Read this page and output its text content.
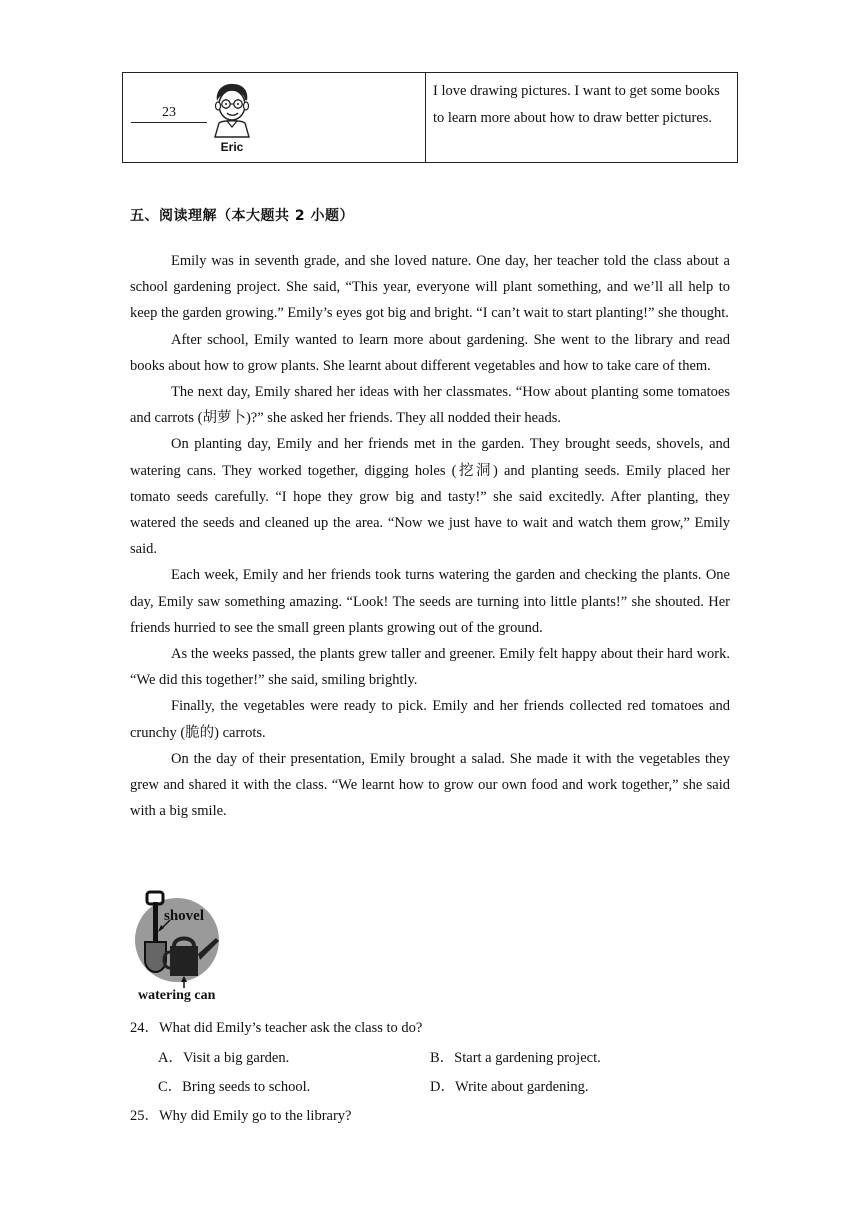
23
Eric
I love drawing pictures. I want to get some books to learn more about how to draw better pictures.
五、阅读理解（本大题共 2 小题）

Emily was in seventh grade, and she loved nature. One day, her teacher told the class about a school gardening project. She said, “This year, everyone will plant something, and we’ll all help to keep the garden growing.” Emily’s eyes got big and bright. “I can’t wait to start planting!” she thought.

After school, Emily wanted to learn more about gardening. She went to the library and read books about how to grow plants. She learnt about different vegetables and how to take care of them.

The next day, Emily shared her ideas with her classmates. “How about planting some tomatoes and carrots (胡萝卜)?” she asked her friends. They all nodded their heads.

On planting day, Emily and her friends met in the garden. They brought seeds, shovels, and watering cans. They worked together, digging holes (挖洞) and planting seeds. Emily placed her tomato seeds carefully. “I hope they grow big and tasty!” she said excitedly. After planting, they watered the seeds and cleaned up the area. “Now we just have to wait and watch them grow,” Emily said.

Each week, Emily and her friends took turns watering the garden and checking the plants. One day, Emily saw something amazing. “Look! The seeds are turning into little plants!” she shouted. Her friends hurried to see the small green plants growing out of the ground.

As the weeks passed, the plants grew taller and greener. Emily felt happy about their hard work. “We did this together!” she said, smiling brightly.

Finally, the vegetables were ready to pick. Emily and her friends collected red tomatoes and crunchy (脆的) carrots.

On the day of their presentation, Emily brought a salad. She made it with the vegetables they grew and shared it with the class. “We learnt how to grow our own food and work together,” she said with a big smile.

shovel
watering can
24．What did Emily’s teacher ask the class to do?
A．Visit a big garden.	B．Start a gardening project.
C．Bring seeds to school.	D．Write about gardening.
25．Why did Emily go to the library?
